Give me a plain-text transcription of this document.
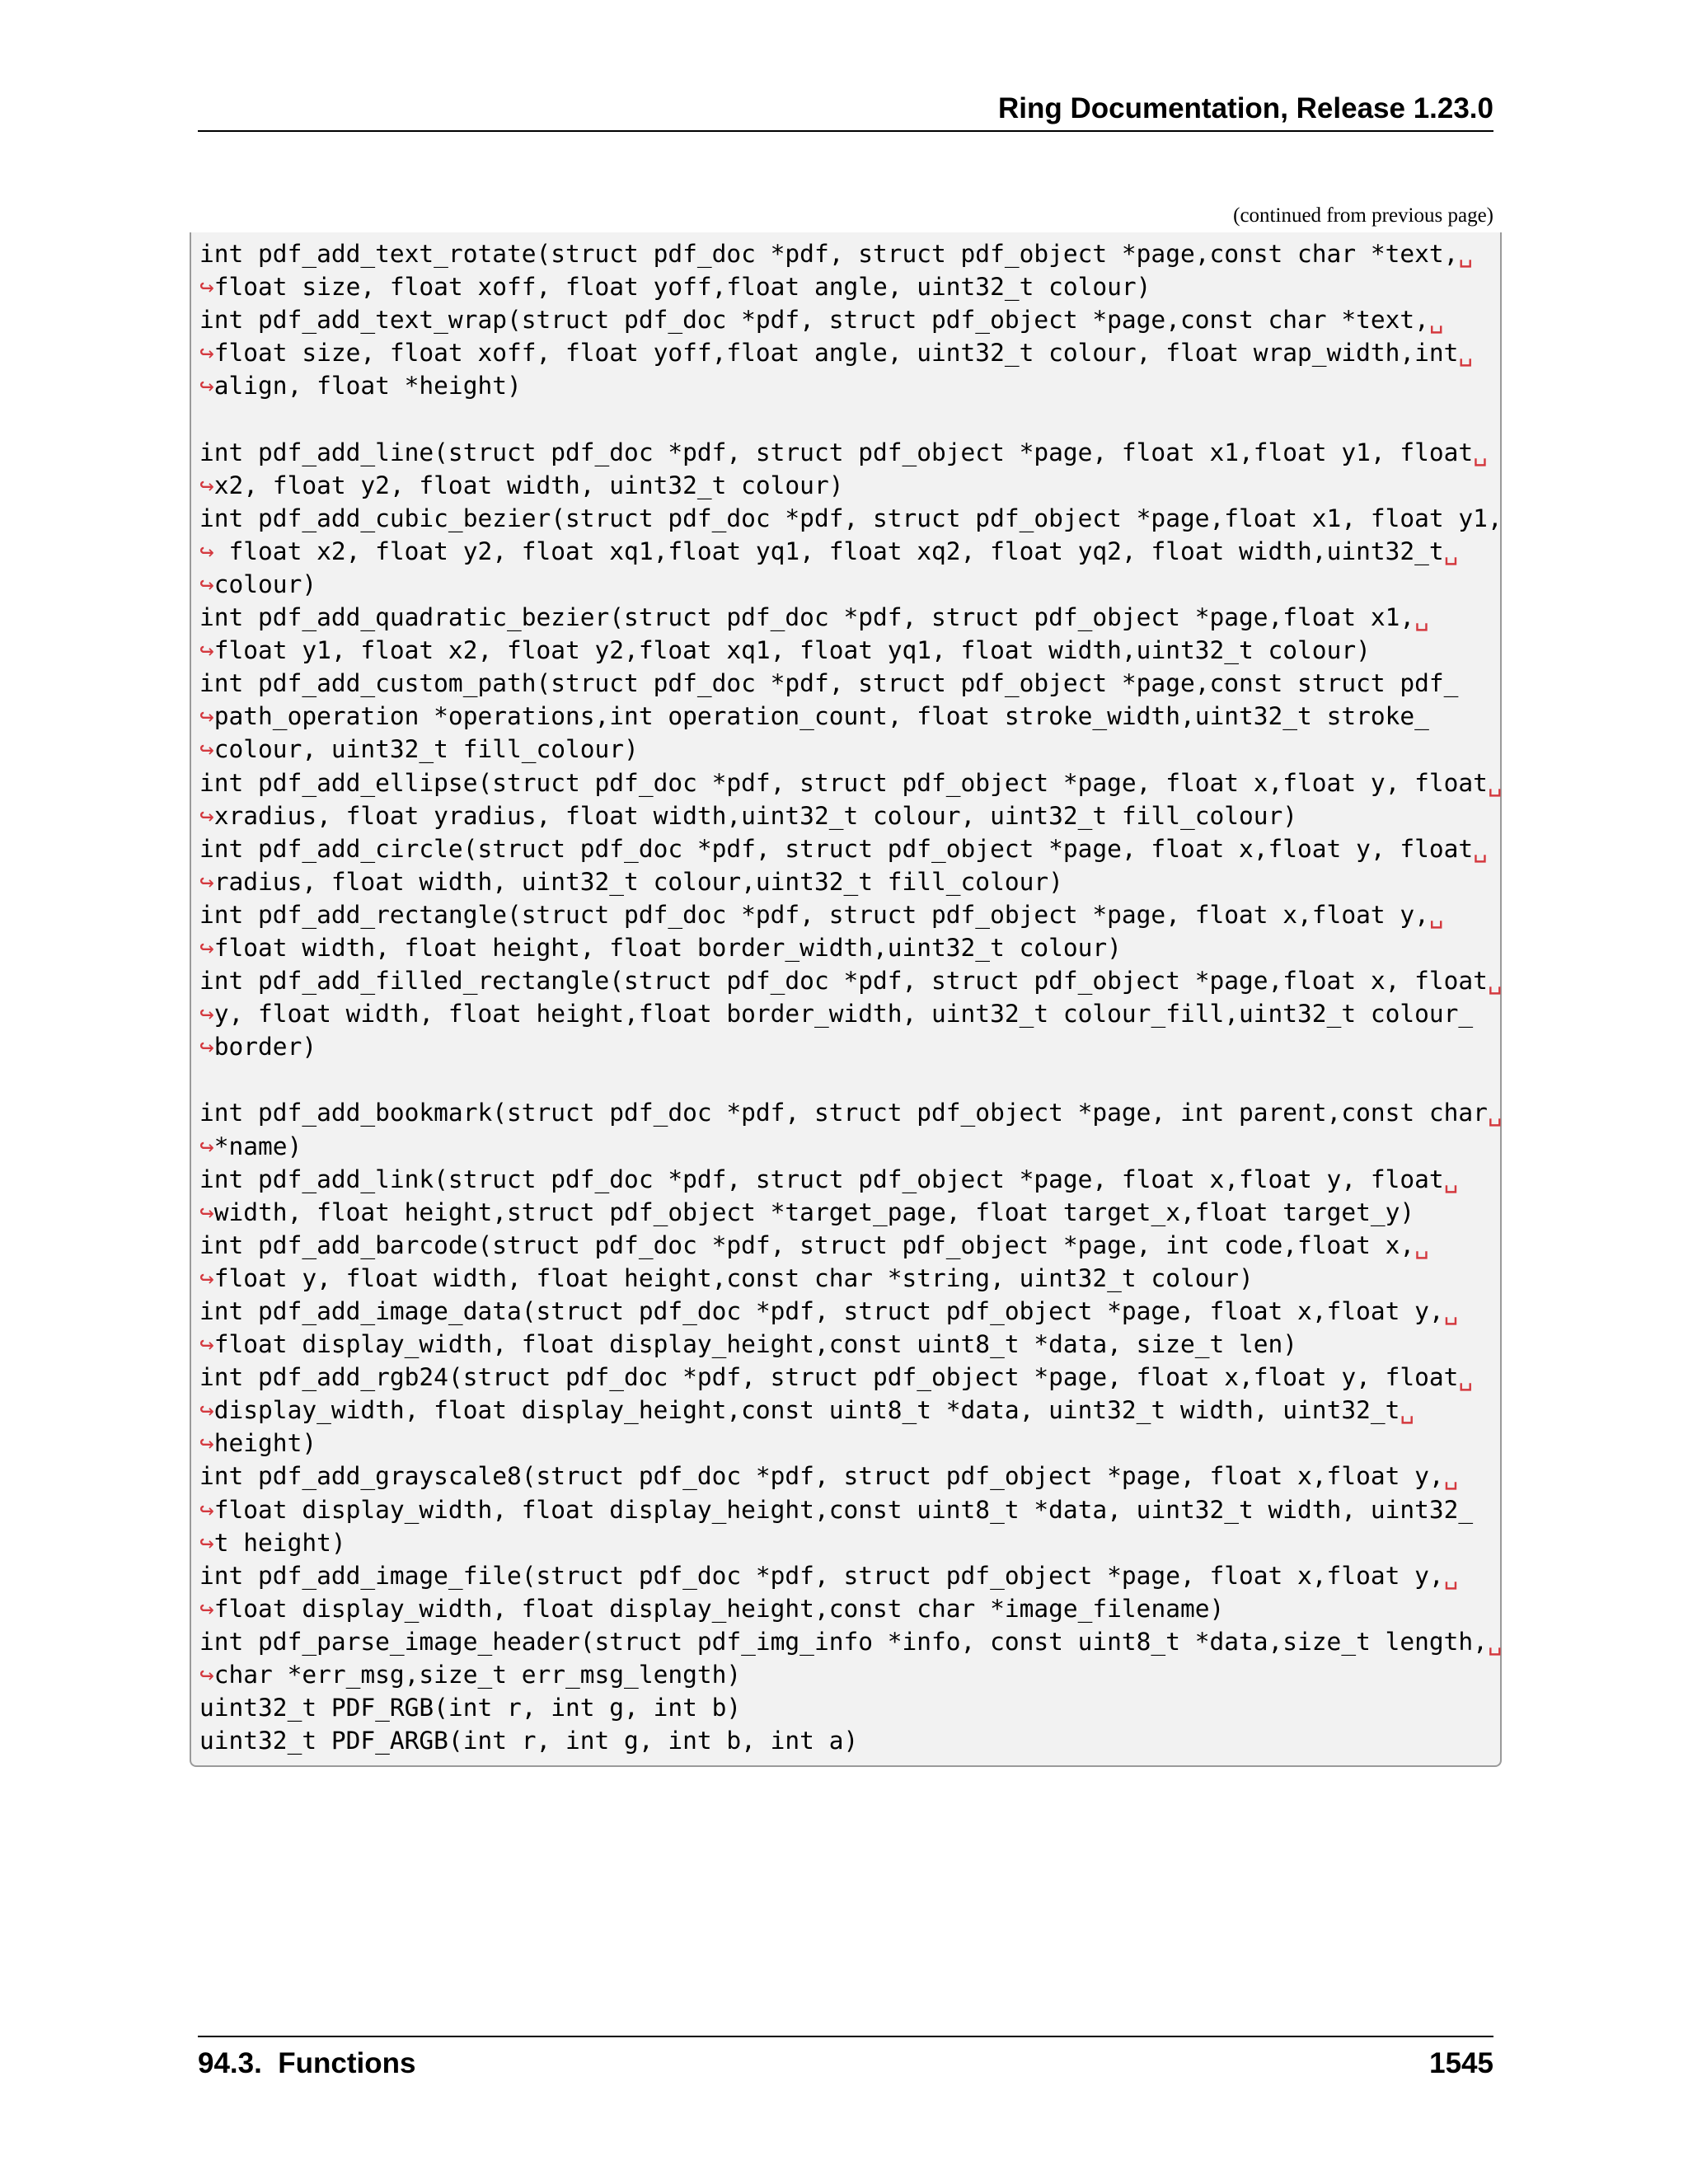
Ring Documentation, Release 1.23.0
(continued from previous page)
int pdf_add_text_rotate(struct pdf_doc *pdf, struct pdf_object *page,const char *text,␣
↪float size, float xoff, float yoff,float angle, uint32_t colour)
int pdf_add_text_wrap(struct pdf_doc *pdf, struct pdf_object *page,const char *text,␣
↪float size, float xoff, float yoff,float angle, uint32_t colour, float wrap_width,int␣
↪align, float *height)
int pdf_add_line(struct pdf_doc *pdf, struct pdf_object *page, float x1,float y1, float␣
↪x2, float y2, float width, uint32_t colour)
int pdf_add_cubic_bezier(struct pdf_doc *pdf, struct pdf_object *page,float x1, float y1,
↪ float x2, float y2, float xq1,float yq1, float xq2, float yq2, float width,uint32_t␣
↪colour)
int pdf_add_quadratic_bezier(struct pdf_doc *pdf, struct pdf_object *page,float x1,␣
↪float y1, float x2, float y2,float xq1, float yq1, float width,uint32_t colour)
int pdf_add_custom_path(struct pdf_doc *pdf, struct pdf_object *page,const struct pdf_
↪path_operation *operations,int operation_count, float stroke_width,uint32_t stroke_
↪colour, uint32_t fill_colour)
int pdf_add_ellipse(struct pdf_doc *pdf, struct pdf_object *page, float x,float y, float␣
↪xradius, float yradius, float width,uint32_t colour, uint32_t fill_colour)
int pdf_add_circle(struct pdf_doc *pdf, struct pdf_object *page, float x,float y, float␣
↪radius, float width, uint32_t colour,uint32_t fill_colour)
int pdf_add_rectangle(struct pdf_doc *pdf, struct pdf_object *page, float x,float y,␣
↪float width, float height, float border_width,uint32_t colour)
int pdf_add_filled_rectangle(struct pdf_doc *pdf, struct pdf_object *page,float x, float␣
↪y, float width, float height,float border_width, uint32_t colour_fill,uint32_t colour_
↪border)
int pdf_add_bookmark(struct pdf_doc *pdf, struct pdf_object *page, int parent,const char␣
↪*name)
int pdf_add_link(struct pdf_doc *pdf, struct pdf_object *page, float x,float y, float␣
↪width, float height,struct pdf_object *target_page, float target_x,float target_y)
int pdf_add_barcode(struct pdf_doc *pdf, struct pdf_object *page, int code,float x,␣
↪float y, float width, float height,const char *string, uint32_t colour)
int pdf_add_image_data(struct pdf_doc *pdf, struct pdf_object *page, float x,float y,␣
↪float display_width, float display_height,const uint8_t *data, size_t len)
int pdf_add_rgb24(struct pdf_doc *pdf, struct pdf_object *page, float x,float y, float␣
↪display_width, float display_height,const uint8_t *data, uint32_t width, uint32_t␣
↪height)
int pdf_add_grayscale8(struct pdf_doc *pdf, struct pdf_object *page, float x,float y,␣
↪float display_width, float display_height,const uint8_t *data, uint32_t width, uint32_
↪t height)
int pdf_add_image_file(struct pdf_doc *pdf, struct pdf_object *page, float x,float y,␣
↪float display_width, float display_height,const char *image_filename)
int pdf_parse_image_header(struct pdf_img_info *info, const uint8_t *data,size_t length,␣
↪char *err_msg,size_t err_msg_length)
uint32_t PDF_RGB(int r, int g, int b)
uint32_t PDF_ARGB(int r, int g, int b, int a)
94.3.  Functions	1545
